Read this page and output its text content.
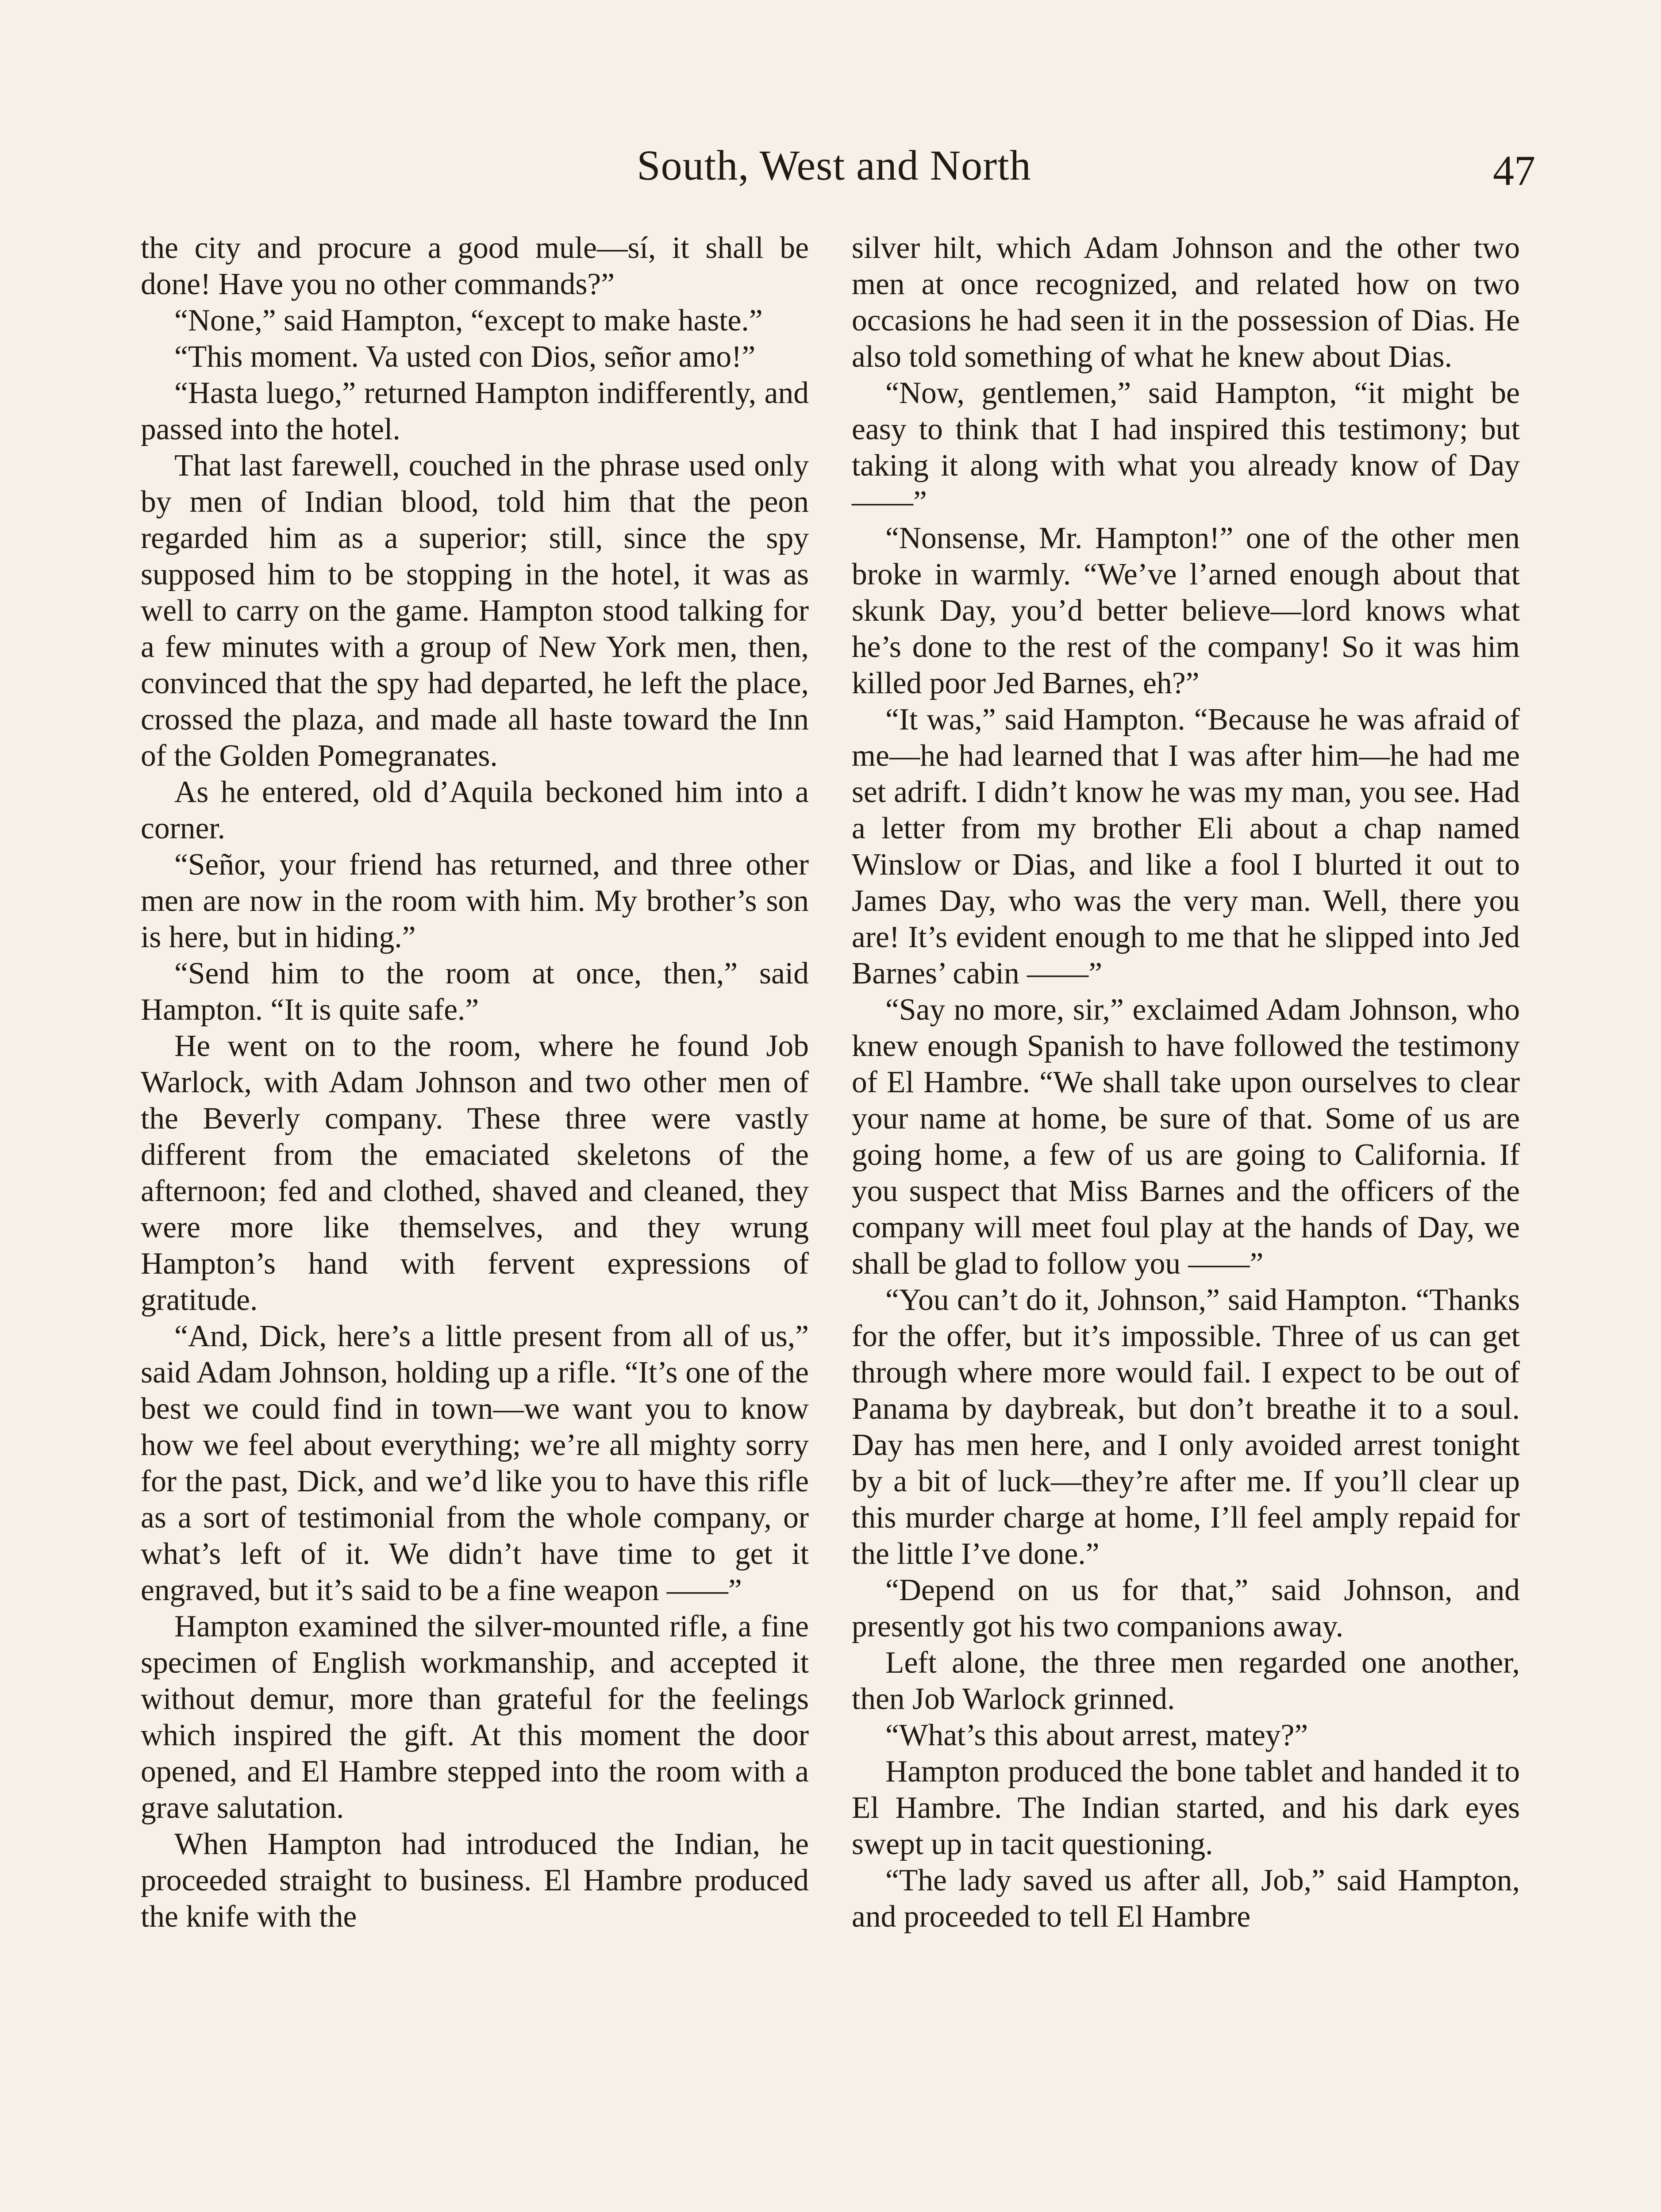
South, West and North	47

the city and procure a good mule—sí, it shall be done! Have you no other commands?”

“None,” said Hampton, “except to make haste.”

“This moment. Va usted con Dios, señor amo!”

“Hasta luego,” returned Hampton indifferently, and passed into the hotel.

That last farewell, couched in the phrase used only by men of Indian blood, told him that the peon regarded him as a superior; still, since the spy supposed him to be stopping in the hotel, it was as well to carry on the game. Hampton stood talking for a few minutes with a group of New York men, then, convinced that the spy had departed, he left the place, crossed the plaza, and made all haste toward the Inn of the Golden Pomegranates.

As he entered, old d’Aquila beckoned him into a corner.

“Señor, your friend has returned, and three other men are now in the room with him. My brother’s son is here, but in hiding.”

“Send him to the room at once, then,” said Hampton. “It is quite safe.”

He went on to the room, where he found Job Warlock, with Adam Johnson and two other men of the Beverly company. These three were vastly different from the emaciated skeletons of the afternoon; fed and clothed, shaved and cleaned, they were more like themselves, and they wrung Hampton’s hand with fervent expressions of gratitude.

“And, Dick, here’s a little present from all of us,” said Adam Johnson, holding up a rifle. “It’s one of the best we could find in town—we want you to know how we feel about everything; we’re all mighty sorry for the past, Dick, and we’d like you to have this rifle as a sort of testimonial from the whole company, or what’s left of it. We didn’t have time to get it engraved, but it’s said to be a fine weapon ——”

Hampton examined the silver-mounted rifle, a fine specimen of English workmanship, and accepted it without demur, more than grateful for the feelings which inspired the gift. At this moment the door opened, and El Hambre stepped into the room with a grave salutation.

When Hampton had introduced the Indian, he proceeded straight to business. El Hambre produced the knife with the

silver hilt, which Adam Johnson and the other two men at once recognized, and related how on two occasions he had seen it in the possession of Dias. He also told something of what he knew about Dias.

“Now, gentlemen,” said Hampton, “it might be easy to think that I had inspired this testimony; but taking it along with what you already know of Day ——”

“Nonsense, Mr. Hampton!” one of the other men broke in warmly. “We’ve l’arned enough about that skunk Day, you’d better believe—lord knows what he’s done to the rest of the company! So it was him killed poor Jed Barnes, eh?”

“It was,” said Hampton. “Because he was afraid of me—he had learned that I was after him—he had me set adrift. I didn’t know he was my man, you see. Had a letter from my brother Eli about a chap named Winslow or Dias, and like a fool I blurted it out to James Day, who was the very man. Well, there you are! It’s evident enough to me that he slipped into Jed Barnes’ cabin ——”

“Say no more, sir,” exclaimed Adam Johnson, who knew enough Spanish to have followed the testimony of El Hambre. “We shall take upon ourselves to clear your name at home, be sure of that. Some of us are going home, a few of us are going to California. If you suspect that Miss Barnes and the officers of the company will meet foul play at the hands of Day, we shall be glad to follow you ——”

“You can’t do it, Johnson,” said Hampton. “Thanks for the offer, but it’s impossible. Three of us can get through where more would fail. I expect to be out of Panama by daybreak, but don’t breathe it to a soul. Day has men here, and I only avoided arrest tonight by a bit of luck—they’re after me. If you’ll clear up this murder charge at home, I’ll feel amply repaid for the little I’ve done.”

“Depend on us for that,” said Johnson, and presently got his two companions away.

Left alone, the three men regarded one another, then Job Warlock grinned.

“What’s this about arrest, matey?”

Hampton produced the bone tablet and handed it to El Hambre. The Indian started, and his dark eyes swept up in tacit questioning.

“The lady saved us after all, Job,” said Hampton, and proceeded to tell El Hambre
